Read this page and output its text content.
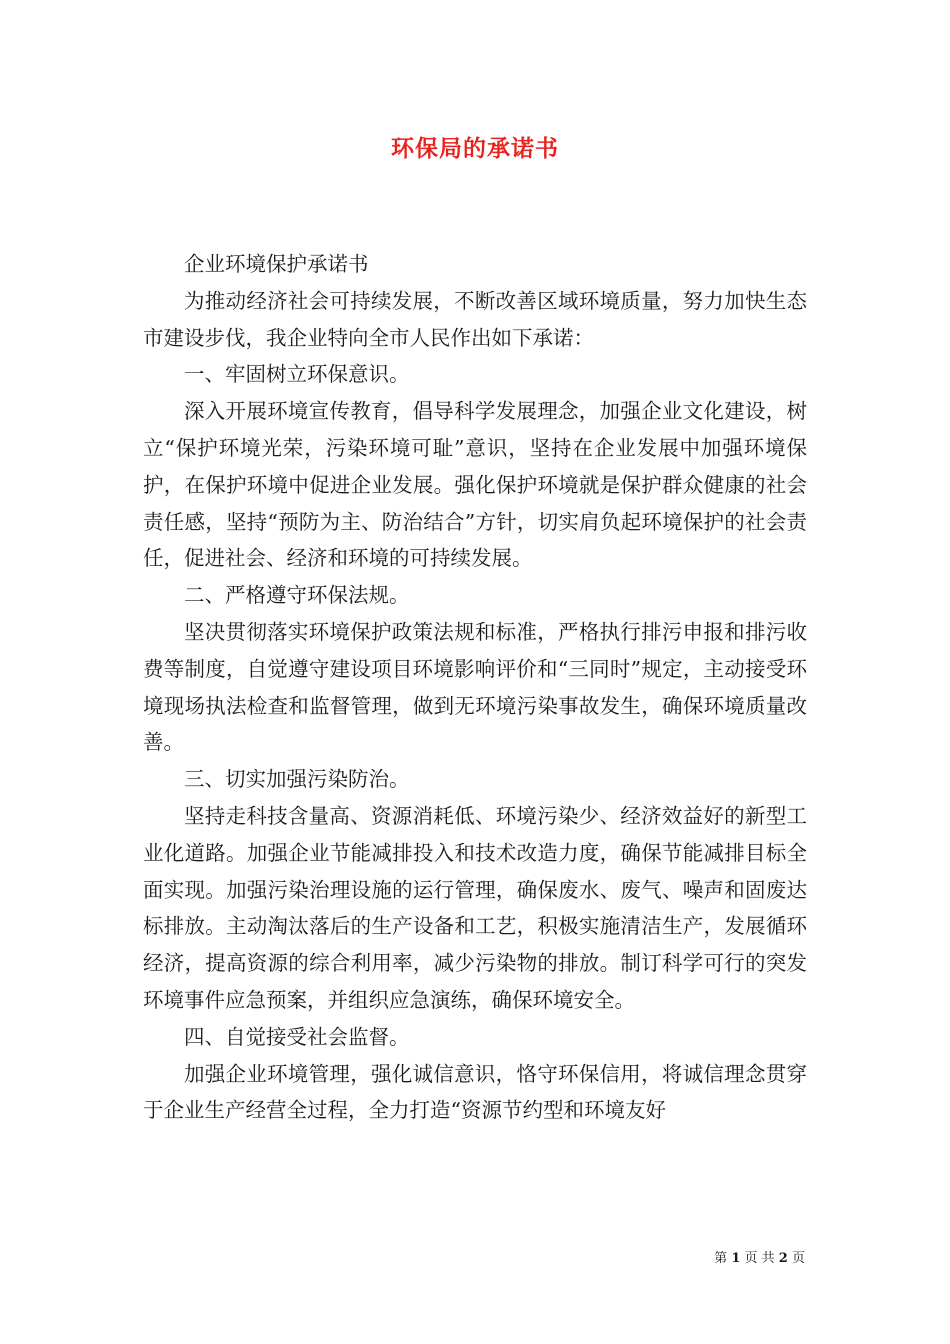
环保局的承诺书

企业环境保护承诺书

为推动经济社会可持续发展，不断改善区域环境质量，努力加快生态市建设步伐，我企业特向全市人民作出如下承诺：

一、牢固树立环保意识。

深入开展环境宣传教育，倡导科学发展理念，加强企业文化建设，树立“保护环境光荣，污染环境可耻”意识，坚持在企业发展中加强环境保护，在保护环境中促进企业发展。强化保护环境就是保护群众健康的社会责任感，坚持“预防为主、防治结合”方针，切实肩负起环境保护的社会责任，促进社会、经济和环境的可持续发展。

二、严格遵守环保法规。

坚决贯彻落实环境保护政策法规和标准，严格执行排污申报和排污收费等制度，自觉遵守建设项目环境影响评价和“三同时”规定，主动接受环境现场执法检查和监督管理，做到无环境污染事故发生，确保环境质量改善。

三、切实加强污染防治。

坚持走科技含量高、资源消耗低、环境污染少、经济效益好的新型工业化道路。加强企业节能减排投入和技术改造力度，确保节能减排目标全面实现。加强污染治理设施的运行管理，确保废水、废气、噪声和固废达标排放。主动淘汰落后的生产设备和工艺，积极实施清洁生产，发展循环经济，提高资源的综合利用率，减少污染物的排放。制订科学可行的突发环境事件应急预案，并组织应急演练，确保环境安全。

四、自觉接受社会监督。

加强企业环境管理，强化诚信意识，恪守环保信用，将诚信理念贯穿于企业生产经营全过程，全力打造“资源节约型和环境友好

第 1 页 共 2 页
